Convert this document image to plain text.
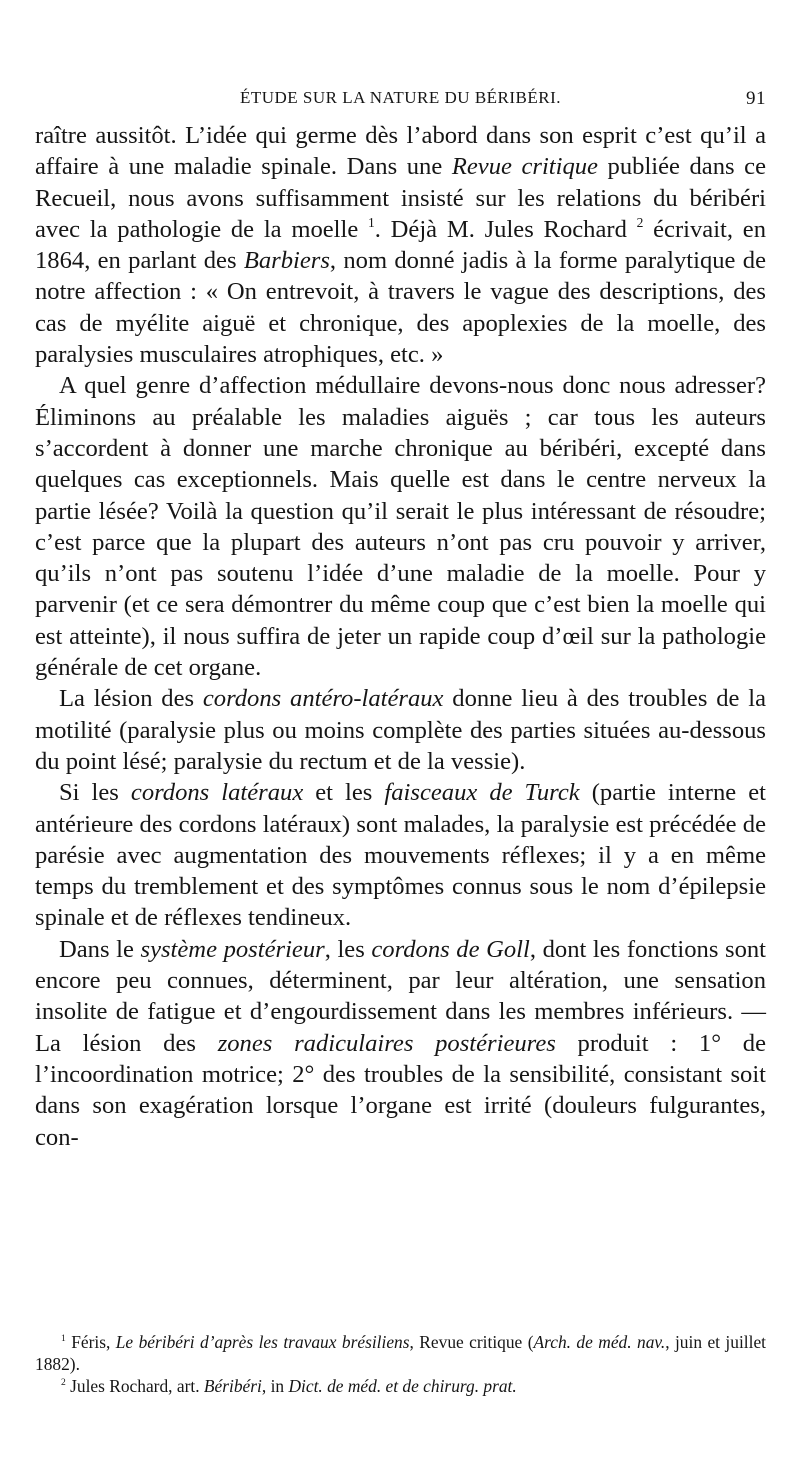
ÉTUDE SUR LA NATURE DU BÉRIBÉRI.	91

raître aussitôt. L’idée qui germe dès l’abord dans son esprit c’est qu’il a affaire à une maladie spinale. Dans une Revue critique publiée dans ce Recueil, nous avons suffisamment insisté sur les relations du béribéri avec la pathologie de la moelle $^1$. Déjà M. Jules Rochard $^2$ écrivait, en 1864, en parlant des Barbiers, nom donné jadis à la forme paralytique de notre affection : « On entrevoit, à travers le vague des descriptions, des cas de myélite aiguë et chronique, des apoplexies de la moelle, des paralysies musculaires atrophiques, etc. »

A quel genre d’affection médullaire devons-nous donc nous adresser? Éliminons au préalable les maladies aiguës ; car tous les auteurs s’accordent à donner une marche chronique au béribéri, excepté dans quelques cas exceptionnels. Mais quelle est dans le centre nerveux la partie lésée? Voilà la question qu’il serait le plus intéressant de résoudre; c’est parce que la plupart des auteurs n’ont pas cru pouvoir y arriver, qu’ils n’ont pas soutenu l’idée d’une maladie de la moelle. Pour y parvenir (et ce sera démontrer du même coup que c’est bien la moelle qui est atteinte), il nous suffira de jeter un rapide coup d’œil sur la pathologie générale de cet organe.

La lésion des cordons antéro-latéraux donne lieu à des troubles de la motilité (paralysie plus ou moins complète des parties situées au-dessous du point lésé; paralysie du rectum et de la vessie).

Si les cordons latéraux et les faisceaux de Turck (partie interne et antérieure des cordons latéraux) sont malades, la paralysie est précédée de parésie avec augmentation des mouvements réflexes; il y a en même temps du tremblement et des symptômes connus sous le nom d’épilepsie spinale et de réflexes tendineux.

Dans le système postérieur, les cordons de Goll, dont les fonctions sont encore peu connues, déterminent, par leur altération, une sensation insolite de fatigue et d’engourdissement dans les membres inférieurs. — La lésion des zones radiculaires postérieures produit : 1° de l’incoordination motrice; 2° des troubles de la sensibilité, consistant soit dans son exagération lorsque l’organe est irrité (douleurs fulgurantes, con-

$^1$ Féris, Le béribéri d’après les travaux brésiliens, Revue critique (Arch. de méd. nav., juin et juillet 1882).

$^2$ Jules Rochard, art. Béribéri, in Dict. de méd. et de chirurg. prat.
